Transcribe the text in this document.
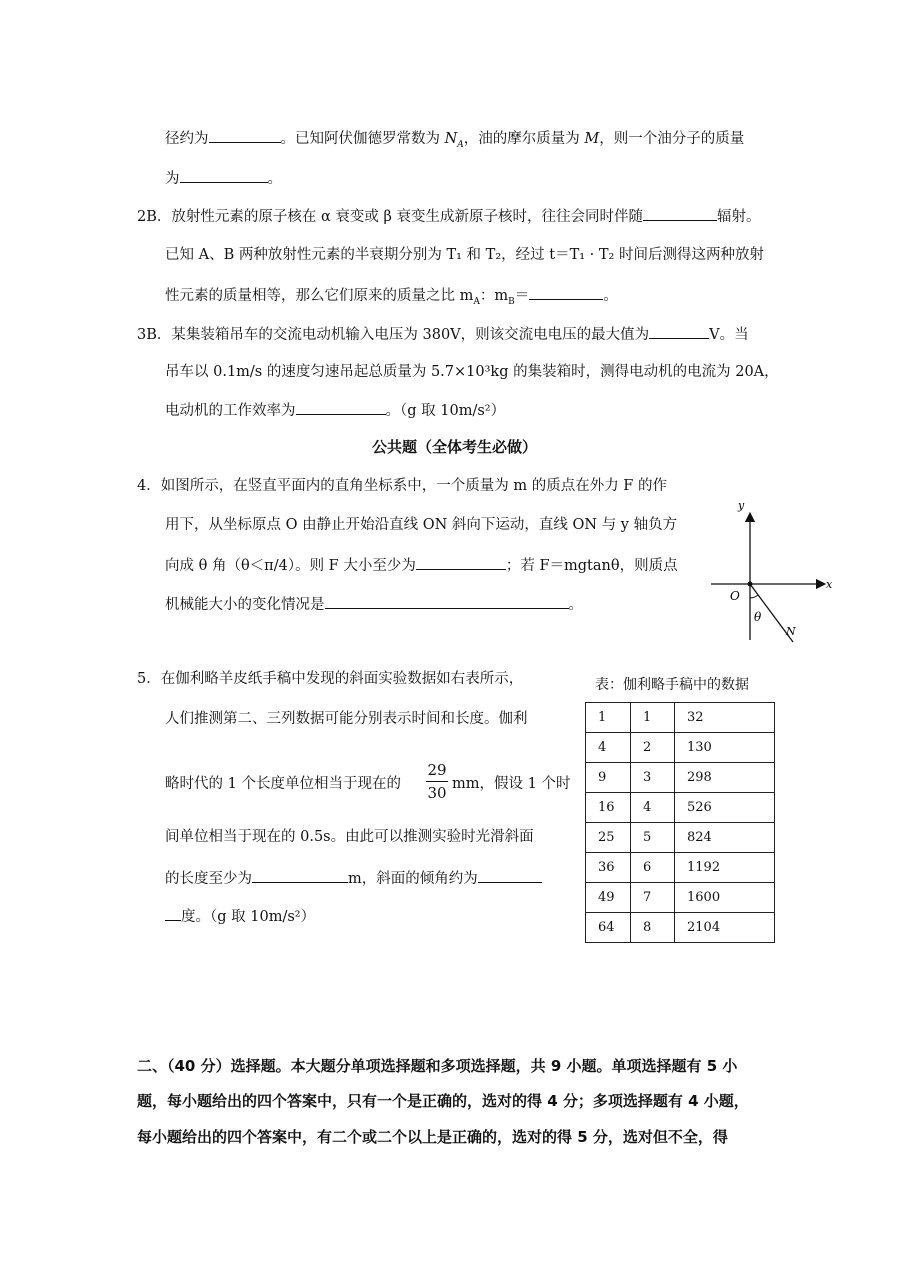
径约为	。已知阿伏伽德罗常数为 $N_A$，油的摩尔质量为 M，则一个油分子的质量
为	。
2B．放射性元素的原子核在 α 衰变或 β 衰变生成新原子核时，往往会同时伴随	辐射。
已知 A、B 两种放射性元素的半衰期分别为 T₁ 和 T₂，经过 t＝T₁ · T₂ 时间后测得这两种放射
性元素的质量相等，那么它们原来的质量之比 $m_A$：$m_B=$	。
3B．某集装箱吊车的交流电动机输入电压为 380V，则该交流电电压的最大值为	V。当
吊车以 0.1m/s 的速度匀速吊起总质量为 5.7×10³kg 的集装箱时，测得电动机的电流为 20A，
电动机的工作效率为	。（g 取 10m/s²）
公共题（全体考生必做）
4．如图所示，在竖直平面内的直角坐标系中，一个质量为 m 的质点在外力 F 的作
用下，从坐标原点 O 由静止开始沿直线 ON 斜向下运动，直线 ON 与 y 轴负方
向成 θ 角（θ＜π/4）。则 F 大小至少为	；若 F＝mgtanθ，则质点
机械能大小的变化情况是	。
y
x
O
θ
N
5．在伽利略羊皮纸手稿中发现的斜面实验数据如右表所示，
人们推测第二、三列数据可能分别表示时间和长度。伽利
略时代的 1 个长度单位相当于现在的
29
30 mm，假设 1 个时
间单位相当于现在的 0.5s。由此可以推测实验时光滑斜面
的长度至少为	m，斜面的倾角约为
度。（g 取 10m/s²）
表：伽利略手稿中的数据
1	1	32
4	2	130
9	3	298
16	4	526
25	5	824
36	6	1192
49	7	1600
64	8	2104
二、（40 分）选择题。本大题分单项选择题和多项选择题，共 9 小题。单项选择题有 5 小
题，每小题给出的四个答案中，只有一个是正确的，选对的得 4 分；多项选择题有 4 小题，
每小题给出的四个答案中，有二个或二个以上是正确的，选对的得 5 分，选对但不全，得
